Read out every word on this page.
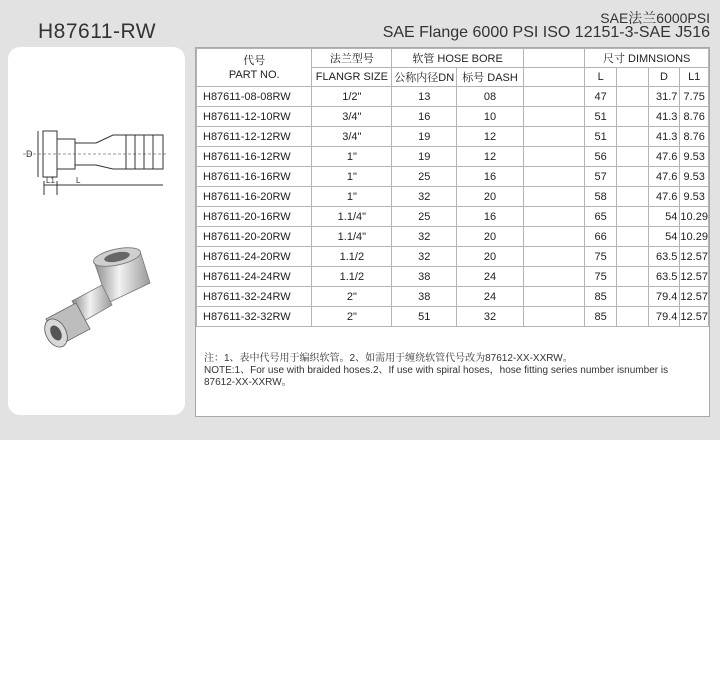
H87611-RW
SAE法兰6000PSI
SAE Flange 6000 PSI ISO 12151-3-SAE J516
D
L1	L
代号
PART NO.	法兰型号	软管 HOSE BORE			尺寸 DIMNSIONS			
	FLANGR SIZE	公称内径DN	标号 DASH		L		D	L1
H87611-08-08RW	1/2"	13	08		47		31.7	7.75
H87611-12-10RW	3/4"	16	10		51		41.3	8.76
H87611-12-12RW	3/4"	19	12		51		41.3	8.76
H87611-16-12RW	1"	19	12		56		47.6	9.53
H87611-16-16RW	1"	25	16		57		47.6	9.53
H87611-16-20RW	1"	32	20		58		47.6	9.53
H87611-20-16RW	1.1/4"	25	16		65		54	10.29
H87611-20-20RW	1.1/4"	32	20		66		54	10.29
H87611-24-20RW	1.1/2	32	20		75		63.5	12.57
H87611-24-24RW	1.1/2	38	24		75		63.5	12.57
H87611-32-24RW	2"	38	24		85		79.4	12.57
H87611-32-32RW	2"	51	32		85		79.4	12.57
注：1、表中代号用于编织软管。2、如需用于缠绕软管代号改为87612-XX-XXRW。
NOTE:1、For use with braided hoses.2、If use with spiral hoses，hose fitting series number isnumber is
87612-XX-XXRW。
